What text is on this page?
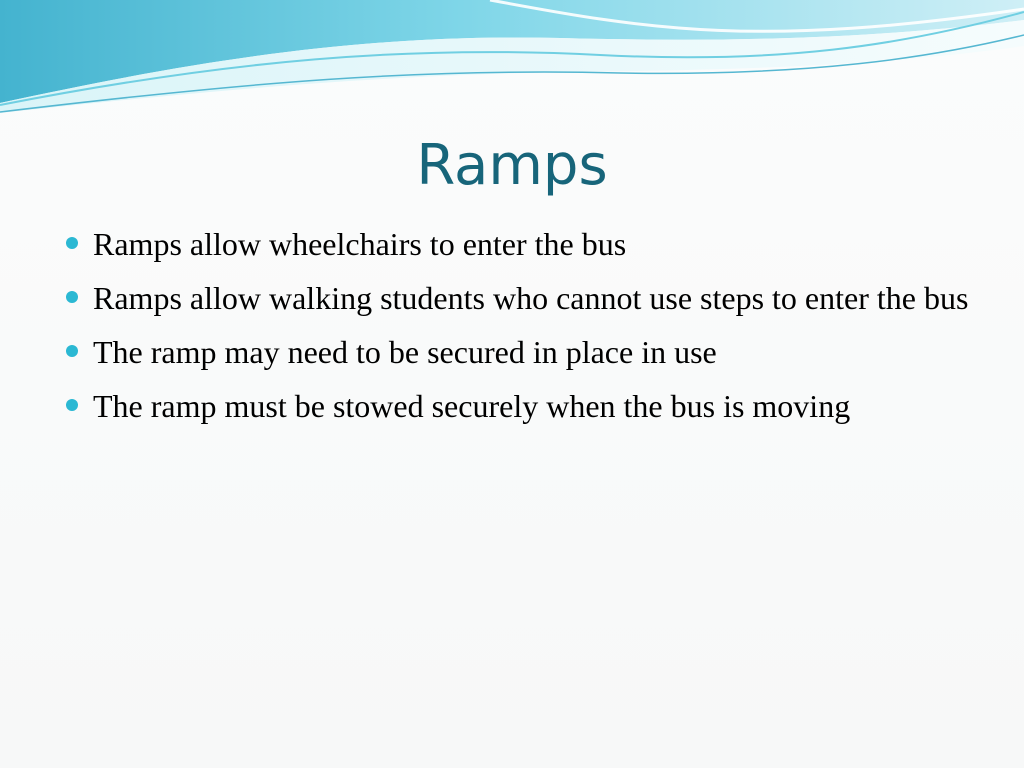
Ramps
Ramps allow wheelchairs to enter the bus
Ramps allow walking students who cannot use steps to enter the bus
The ramp may need to be secured in place in use
The ramp must be stowed securely when the bus is moving
